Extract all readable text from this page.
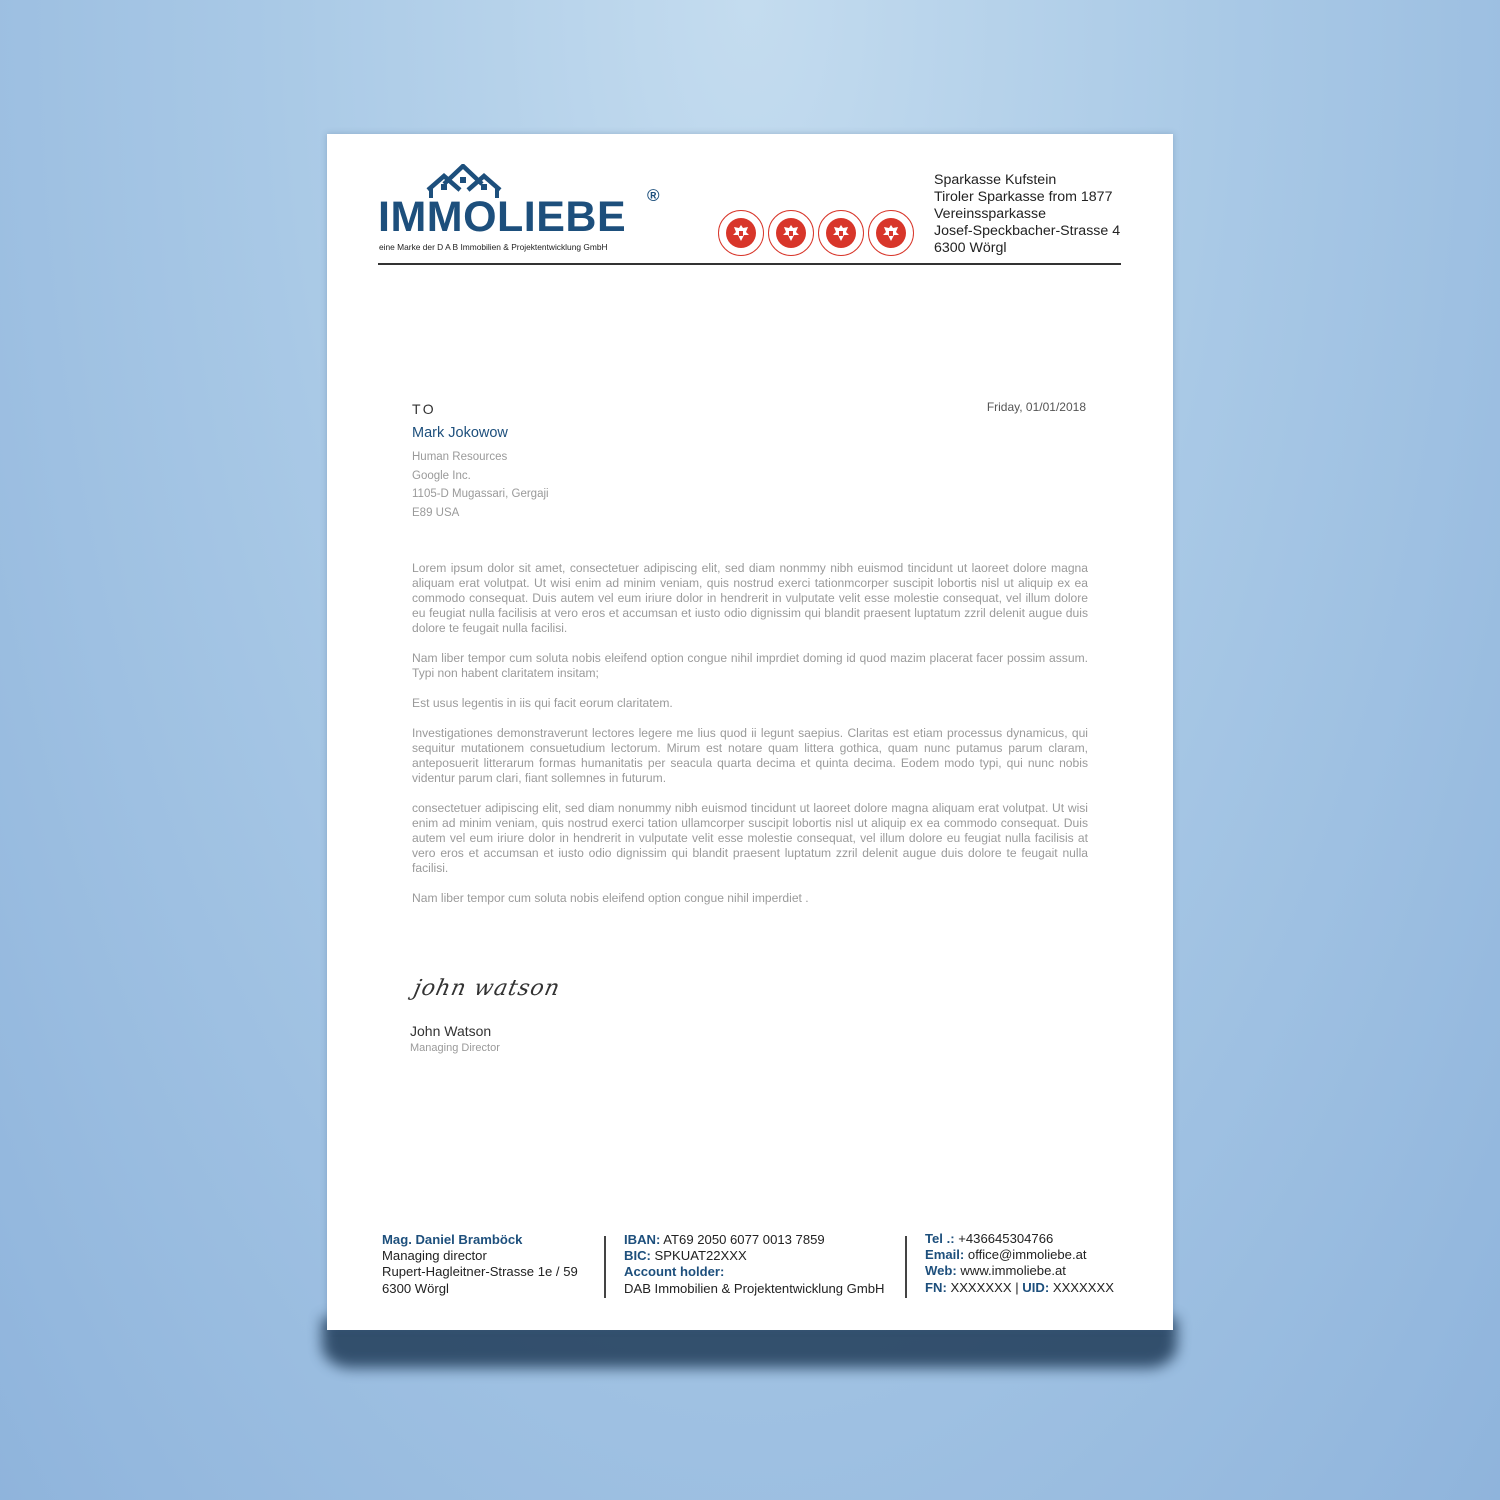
IMMOLIEBE ®
eine Marke der D A B Immobilien & Projektentwicklung GmbH
Sparkasse Kufstein
Tiroler Sparkasse from 1877
Vereinssparkasse
Josef-Speckbacher-Strasse 4
6300 Wörgl
TO	Friday, 01/01/2018
Mark Jokowow
Human Resources
Google Inc.
1105-D Mugassari, Gergaji
E89 USA

Lorem ipsum dolor sit amet, consectetuer adipiscing elit, sed diam nonmmy nibh euismod tincidunt ut laoreet dolore magna aliquam erat volutpat. Ut wisi enim ad minim veniam, quis nostrud exerci tationmcorper suscipit lobortis nisl ut aliquip ex ea commodo consequat. Duis autem vel eum iriure dolor in hendrerit in vulputate velit esse molestie consequat, vel illum dolore eu feugiat nulla facilisis at vero eros et accumsan et iusto odio dignissim qui blandit praesent luptatum zzril delenit augue duis dolore te feugait nulla facilisi.

Nam liber tempor cum soluta nobis eleifend option congue nihil imprdiet doming id quod mazim placerat facer possim assum. Typi non habent claritatem insitam;

Est usus legentis in iis qui facit eorum claritatem.

Investigationes demonstraverunt lectores legere me lius quod ii legunt saepius. Claritas est etiam processus dynamicus, qui sequitur mutationem consuetudium lectorum. Mirum est notare quam littera gothica, quam nunc putamus parum claram, anteposuerit litterarum formas humanitatis per seacula quarta decima et quinta decima. Eodem modo typi, qui nunc nobis videntur parum clari, fiant sollemnes in futurum.

consectetuer adipiscing elit, sed diam nonummy nibh euismod tincidunt ut laoreet dolore magna aliquam erat volutpat. Ut wisi enim ad minim veniam, quis nostrud exerci tation ullamcorper suscipit lobortis nisl ut aliquip ex ea commodo consequat. Duis autem vel eum iriure dolor in hendrerit in vulputate velit esse molestie consequat, vel illum dolore eu feugiat nulla facilisis at vero eros et accumsan et iusto odio dignissim qui blandit praesent luptatum zzril delenit augue duis dolore te feugait nulla facilisi.

Nam liber tempor cum soluta nobis eleifend option congue nihil imperdiet .

john watson
John Watson
Managing Director
Mag. Daniel Bramböck
Managing director
Rupert-Hagleitner-Strasse 1e / 59
6300 Wörgl
IBAN: AT69 2050 6077 0013 7859
BIC: SPKUAT22XXX
Account holder:
DAB Immobilien & Projektentwicklung GmbH
Tel .: +436645304766
Email: office@immoliebe.at
Web: www.immoliebe.at
FN: XXXXXXX | UID: XXXXXXX
